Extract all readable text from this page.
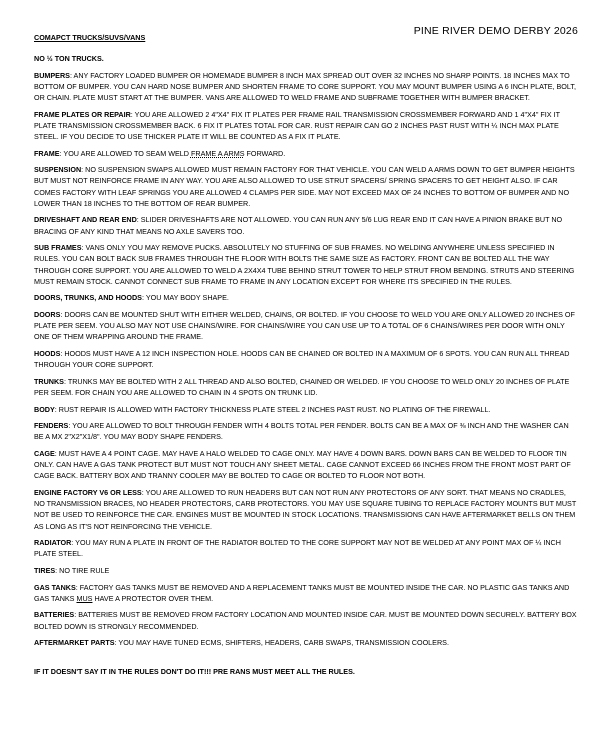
PINE RIVER DEMO DERBY 2026
COMAPCT TRUCKS/SUVS/VANS

NO ½ TON TRUCKS.

BUMPERS: ANY FACTORY LOADED BUMPER OR HOMEMADE BUMPER 8 INCH MAX SPREAD OUT OVER 32 INCHES NO SHARP POINTS. 18 INCHES MAX TO BOTTOM OF BUMPER. YOU CAN HARD NOSE BUMPER AND SHORTEN FRAME TO CORE SUPPORT. YOU MAY MOUNT BUMPER USING A 6 INCH PLATE, BOLT, OR CHAIN. PLATE MUST START AT THE BUMPER. VANS ARE ALLOWED TO WELD FRAME AND SUBFRAME TOGETHER WITH BUMPER BRACKET.

FRAME PLATES OR REPAIR: YOU ARE ALLOWED 2 4"X4" FIX IT PLATES PER FRAME RAIL TRANSMISSION CROSSMEMBER FORWARD AND 1 4"X4" FIX IT PLATE TRANSMISSION CROSSMEMBER BACK. 6 FIX IT PLATES TOTAL FOR CAR. RUST REPAIR CAN GO 2 INCHES PAST RUST WITH ¼ INCH MAX PLATE STEEL. IF YOU DECIDE TO USE THICKER PLATE IT WILL BE COUNTED AS A FIX IT PLATE.

FRAME: YOU ARE ALLOWED TO SEAM WELD FRAME A ARMS FORWARD.

SUSPENSION: NO SUSPENSION SWAPS ALLOWED MUST REMAIN FACTORY FOR THAT VEHICLE. YOU CAN WELD A ARMS DOWN TO GET BUMPER HEIGHTS BUT MUST NOT REINFORCE FRAME IN ANY WAY. YOU ARE ALSO ALLOWED TO USE STRUT SPACERS/ SPRING SPACERS TO GET HEIGHT ALSO. IF CAR COMES FACTORY WITH LEAF SPRINGS YOU ARE ALLOWED 4 CLAMPS PER SIDE. MAY NOT EXCEED MAX OF 24 INCHES TO BOTTOM OF BUMPER AND NO LOWER THAN 18 INCHES TO THE BOTTOM OF REAR BUMPER.

DRIVESHAFT AND REAR END: SLIDER DRIVESHAFTS ARE NOT ALLOWED. YOU CAN RUN ANY 5/6 LUG REAR END IT CAN HAVE A PINION BRAKE BUT NO BRACING OF ANY KIND THAT MEANS NO AXLE SAVERS TOO.

SUB FRAMES: VANS ONLY YOU MAY REMOVE PUCKS. ABSOLUTELY NO STUFFING OF SUB FRAMES. NO WELDING ANYWHERE UNLESS SPECIFIED IN RULES. YOU CAN BOLT BACK SUB FRAMES THROUGH THE FLOOR WITH BOLTS THE SAME SIZE AS FACTORY. FRONT CAN BE BOLTED ALL THE WAY THROUGH CORE SUPPORT. YOU ARE ALLOWED TO WELD A 2X4X4 TUBE BEHIND STRUT TOWER TO HELP STRUT FROM BENDING. STRUTS AND STEERING MUST REMAIN STOCK. CANNOT CONNECT SUB FRAME TO FRAME IN ANY LOCATION EXCEPT FOR WHERE ITS SPECIFIED IN THE RULES.

DOORS, TRUNKS, AND HOODS: YOU MAY BODY SHAPE.

DOORS: DOORS CAN BE MOUNTED SHUT WITH EITHER WELDED, CHAINS, OR BOLTED. IF YOU CHOOSE TO WELD YOU ARE ONLY ALLOWED 20 INCHES OF PLATE PER SEEM. YOU ALSO MAY NOT USE CHAINS/WIRE. FOR CHAINS/WIRE YOU CAN USE UP TO A TOTAL OF 6 CHAINS/WIRES PER DOOR WITH ONLY ONE OF THEM WRAPPING AROUND THE FRAME.

HOODS: HOODS MUST HAVE A 12 INCH INSPECTION HOLE. HOODS CAN BE CHAINED OR BOLTED IN A MAXIMUM OF 6 SPOTS. YOU CAN RUN ALL THREAD THROUGH YOUR CORE SUPPORT.

TRUNKS: TRUNKS MAY BE BOLTED WITH 2 ALL THREAD AND ALSO BOLTED, CHAINED OR WELDED. IF YOU CHOOSE TO WELD ONLY 20 INCHES OF PLATE PER SEEM. FOR CHAIN YOU ARE ALLOWED TO CHAIN IN 4 SPOTS ON TRUNK LID.

BODY: RUST REPAIR IS ALLOWED WITH FACTORY THICKNESS PLATE STEEL 2 INCHES PAST RUST. NO PLATING OF THE FIREWALL.

FENDERS: YOU ARE ALLOWED TO BOLT THROUGH FENDER WITH 4 BOLTS TOTAL PER FENDER. BOLTS CAN BE A MAX OF ⅜ INCH AND THE WASHER CAN BE A MX 2"X2"X1/8". YOU MAY BODY SHAPE FENDERS.

CAGE: MUST HAVE A 4 POINT CAGE. MAY HAVE A HALO WELDED TO CAGE ONLY. MAY HAVE 4 DOWN BARS. DOWN BARS CAN BE WELDED TO FLOOR TIN ONLY. CAN HAVE A GAS TANK PROTECT BUT MUST NOT TOUCH ANY SHEET METAL. CAGE CANNOT EXCEED 66 INCHES FROM THE FRONT MOST PART OF CAGE BACK. BATTERY BOX AND TRANNY COOLER MAY BE BOLTED TO CAGE OR BOLTED TO FLOOR NOT BOTH.

ENGINE FACTORY V6 OR LESS: YOU ARE ALLOWED TO RUN HEADERS BUT CAN NOT RUN ANY PROTECTORS OF ANY SORT. THAT MEANS NO CRADLES, NO TRANSMISSION BRACES, NO HEADER PROTECTORS, CARB PROTECTORS. YOU MAY USE SQUARE TUBING TO REPLACE FACTORY MOUNTS BUT MUST NOT BE USED TO REINFORCE THE CAR. ENGINES MUST BE MOUNTED IN STOCK LOCATIONS. TRANSMISSIONS CAN HAVE AFTERMARKET BELLS ON THEM AS LONG AS IT'S NOT REINFORCING THE VEHICLE.

RADIATOR: YOU MAY RUN A PLATE IN FRONT OF THE RADIATOR BOLTED TO THE CORE SUPPORT MAY NOT BE WELDED AT ANY POINT MAX OF ¼ INCH PLATE STEEL.

TIRES: NO TIRE RULE

GAS TANKS: FACTORY GAS TANKS MUST BE REMOVED AND A REPLACEMENT TANKS MUST BE MOUNTED INSIDE THE CAR. NO PLASTIC GAS TANKS AND GAS TANKS MUS HAVE A PROTECTOR OVER THEM.

BATTERIES: BATTERIES MUST BE REMOVED FROM FACTORY LOCATION AND MOUNTED INSIDE CAR. MUST BE MOUNTED DOWN SECURELY. BATTERY BOX BOLTED DOWN IS STRONGLY RECOMMENDED.

AFTERMARKET PARTS: YOU MAY HAVE TUNED ECMS, SHIFTERS, HEADERS, CARB SWAPS, TRANSMISSION COOLERS.

IF IT DOESN'T SAY IT IN THE RULES DON'T DO IT!!! PRE RANS MUST MEET ALL THE RULES.
